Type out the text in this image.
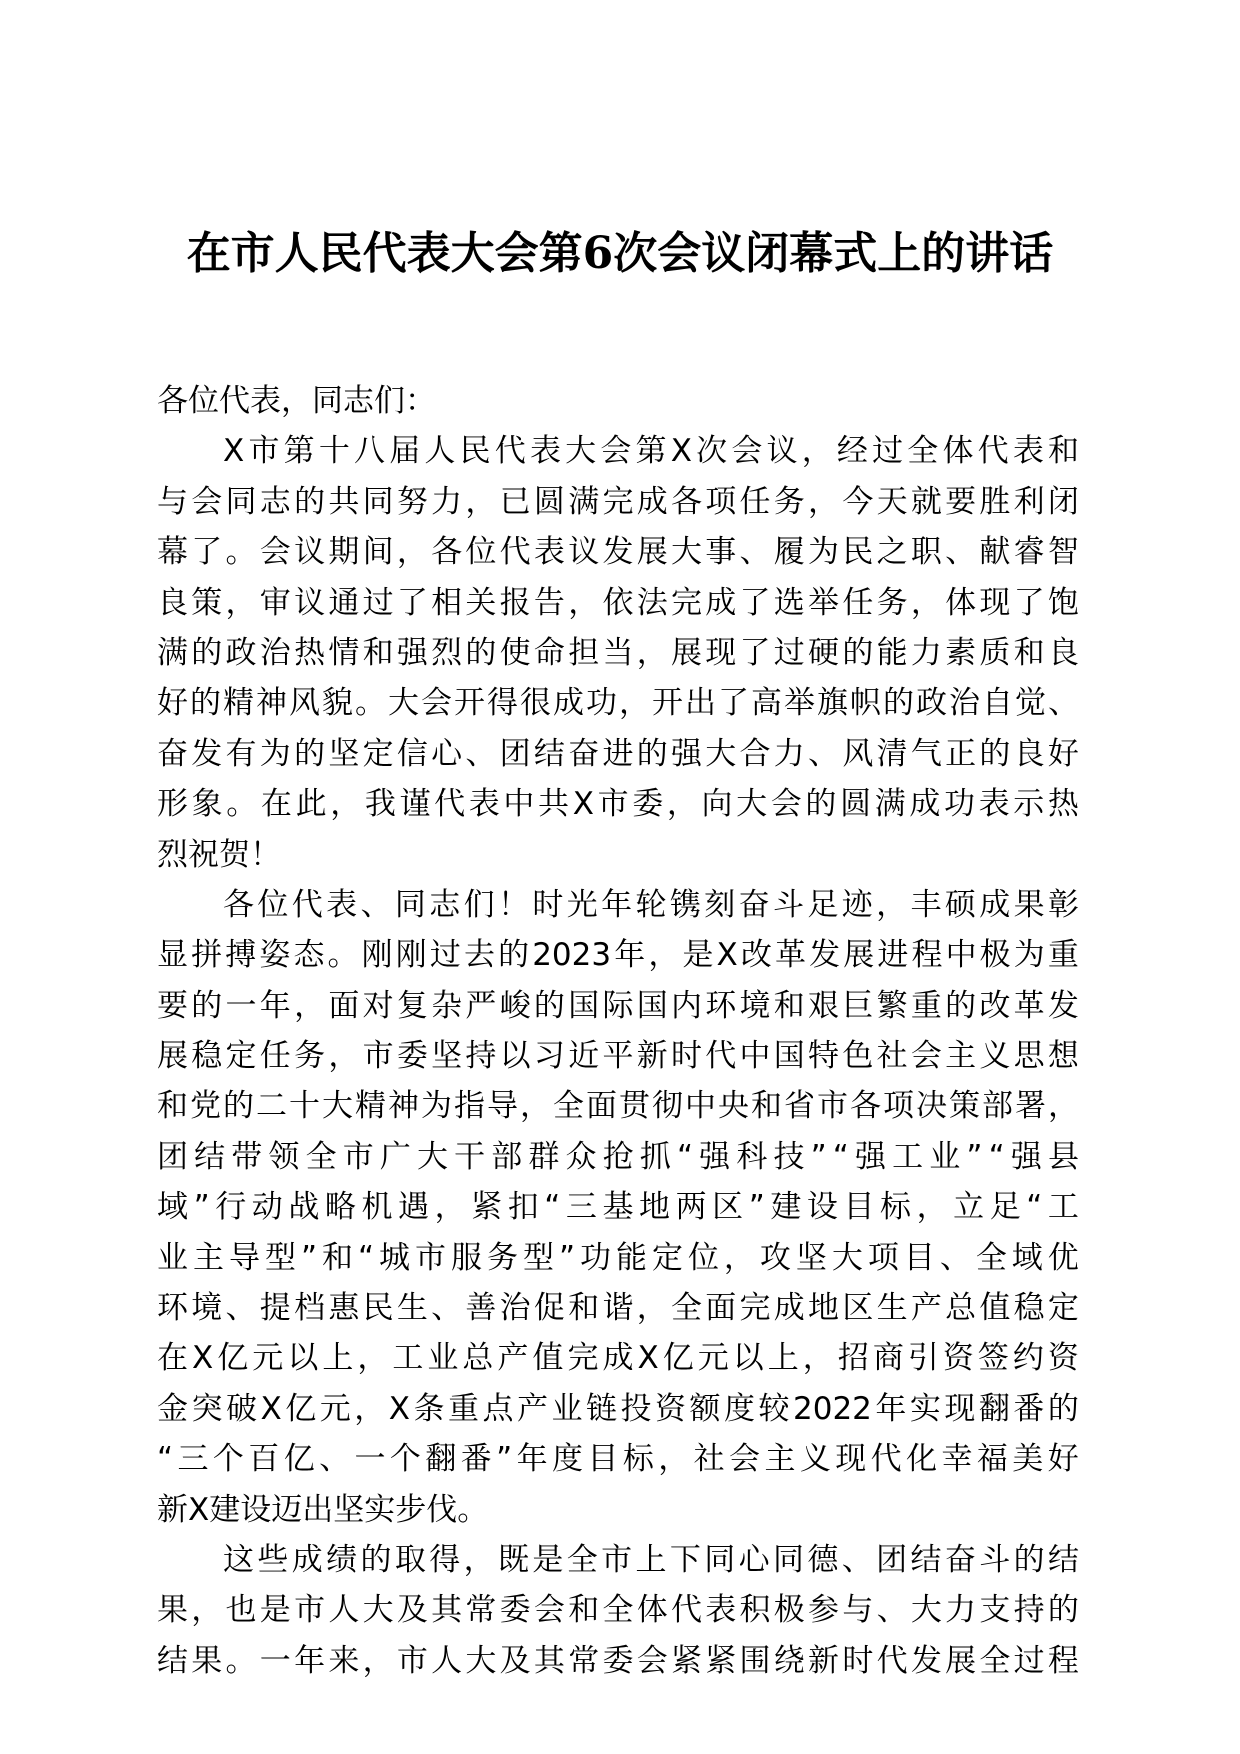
在市人民代表大会第6次会议闭幕式上的讲话
各位代表，同志们：
X 市 第 十 八 届 人 民 代 表 大 会 第 X 次 会 议 ， 经 过 全 体 代 表 和
与 会 同 志 的 共 同 努 力 ， 已 圆 满 完 成 各 项 任 务 ， 今 天 就 要 胜 利 闭
幕 了 。 会 议 期 间 ， 各 位 代 表 议 发 展 大 事 、 履 为 民 之 职 、 献 睿 智
良 策 ， 审 议 通 过 了 相 关 报 告 ， 依 法 完 成 了 选 举 任 务 ， 体 现 了 饱
满 的 政 治 热 情 和 强 烈 的 使 命 担 当 ， 展 现 了 过 硬 的 能 力 素 质 和 良
好 的 精 神 风 貌 。 大 会 开 得 很 成 功 ， 开 出 了 高 举 旗 帜 的 政 治 自 觉 、
奋 发 有 为 的 坚 定 信 心 、 团 结 奋 进 的 强 大 合 力 、 风 清 气 正 的 良 好
形 象 。 在 此 ， 我 谨 代 表 中 共 X 市 委 ， 向 大 会 的 圆 满 成 功 表 示 热
烈祝贺！
各 位 代 表 、 同 志 们 ！ 时 光 年 轮 镌 刻 奋 斗 足 迹 ， 丰 硕 成 果 彰
显 拼 搏 姿 态 。 刚 刚 过 去 的 2023 年 ， 是 X 改 革 发 展 进 程 中 极 为 重
要 的 一 年 ， 面 对 复 杂 严 峻 的 国 际 国 内 环 境 和 艰 巨 繁 重 的 改 革 发
展 稳 定 任 务 ， 市 委 坚 持 以 习 近 平 新 时 代 中 国 特 色 社 会 主 义 思 想
和 党 的 二 十 大 精 神 为 指 导 ， 全 面 贯 彻 中 央 和 省 市 各 项 决 策 部 署 ，
团 结 带 领 全 市 广 大 干 部 群 众 抢 抓 “ 强 科 技 ” “ 强 工 业 ” “ 强 县
域 ” 行 动 战 略 机 遇 ， 紧 扣 “ 三 基 地 两 区 ” 建 设 目 标 ， 立 足 “ 工
业 主 导 型 ” 和 “ 城 市 服 务 型 ” 功 能 定 位 ， 攻 坚 大 项 目 、 全 域 优
环 境 、 提 档 惠 民 生 、 善 治 促 和 谐 ， 全 面 完 成 地 区 生 产 总 值 稳 定
在 X 亿 元 以 上 ， 工 业 总 产 值 完 成 X 亿 元 以 上 ， 招 商 引 资 签 约 资
金 突 破 X 亿 元 ， X 条 重 点 产 业 链 投 资 额 度 较 2022 年 实 现 翻 番 的
“ 三 个 百 亿 、 一 个 翻 番 ” 年 度 目 标 ， 社 会 主 义 现 代 化 幸 福 美 好
新X建设迈出坚实步伐。
这 些 成 绩 的 取 得 ， 既 是 全 市 上 下 同 心 同 德 、 团 结 奋 斗 的 结
果 ， 也 是 市 人 大 及 其 常 委 会 和 全 体 代 表 积 极 参 与 、 大 力 支 持 的
结 果 。 一 年 来 ， 市 人 大 及 其 常 委 会 紧 紧 围 绕 新 时 代 发 展 全 过 程
